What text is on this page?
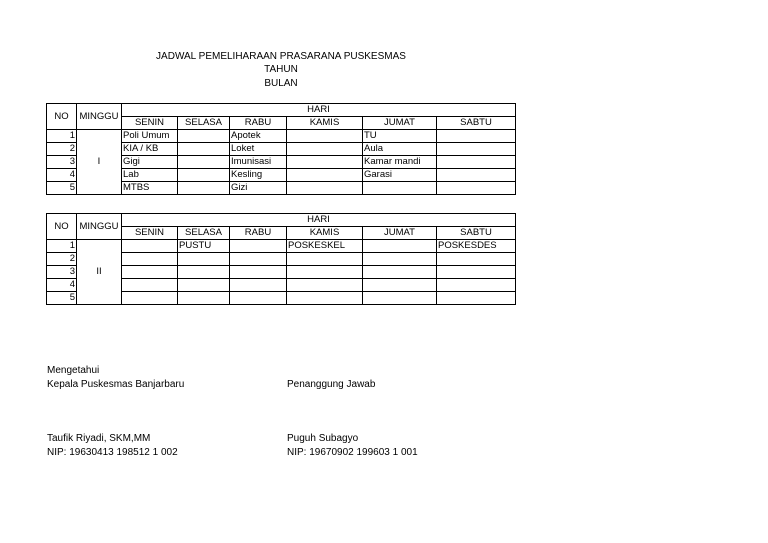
JADWAL PEMELIHARAAN PRASARANA PUSKESMAS
TAHUN
BULAN
NO	MINGGU	HARI					
		SENIN	SELASA	RABU	KAMIS	JUMAT	SABTU
1	I	Poli Umum		Apotek		TU	
2		KIA / KB		Loket		Aula	
3		Gigi		Imunisasi		Kamar mandi	
4		Lab		Kesling		Garasi	
5		MTBS		Gizi			
NO	MINGGU	HARI					
		SENIN	SELASA	RABU	KAMIS	JUMAT	SABTU
1	II		PUSTU		POSKESKEL		POSKESDES
2							
3							
4							
5							
Mengetahui
Kepala Puskesmas Banjarbaru	Penanggung Jawab
Taufik Riyadi, SKM,MM
NIP: 19630413 198512 1 002
Puguh Subagyo
NIP: 19670902 199603 1 001
